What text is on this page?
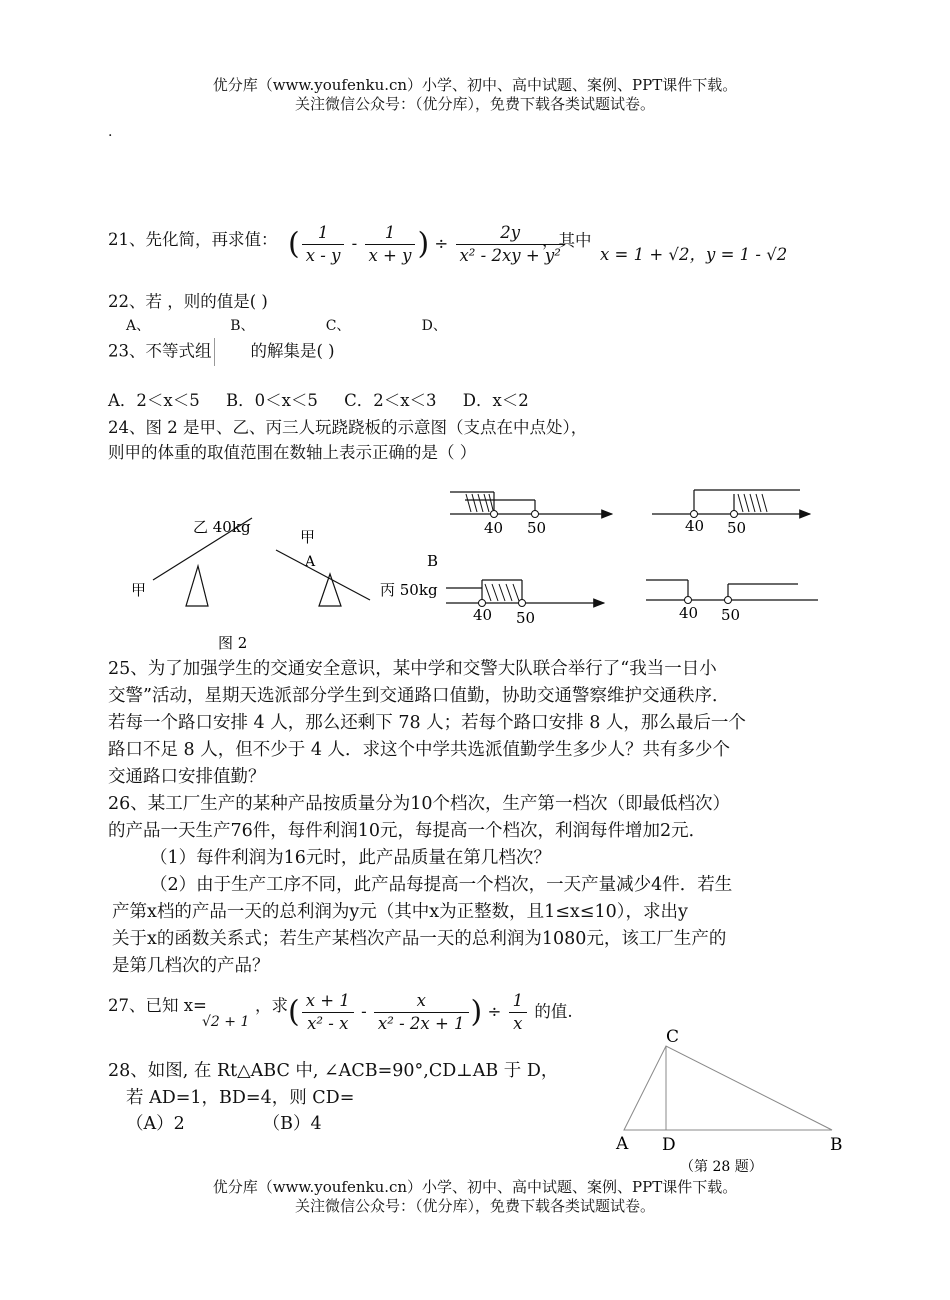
优分库（www.youfenku.cn）小学、初中、高中试题、案例、PPT课件下载。
关注微信公众号：（优分库），免费下载各类试题试卷。
.
21、先化简，再求值： ( $\frac{1}{x - y} - \frac{1}{x + y}$ ) ÷ $\frac{2y}{\text{x² - 2xy + y²}}$
，其中
x = 1 + √2， y = 1 - √2
22、若 ，则的值是( )
A、                  B、                C、                D、
23、不等式组 的解集是( )
A．2＜x＜5     B．0＜x＜5     C．2＜x＜3     D．x＜2
24、图 2 是甲、乙、丙三人玩跷跷板的示意图（支点在中点处），
则甲的体重的取值范围在数轴上表示正确的是（ ）
乙 40kg
甲
甲
A
丙 50kg
B
图 2
40 50	40 50
40 50	40 50
25、为了加强学生的交通安全意识，某中学和交警大队联合举行了“我当一日小
交警”活动，星期天选派部分学生到交通路口值勤，协助交通警察维护交通秩序．
若每一个路口安排 4 人，那么还剩下 78 人；若每个路口安排 8 人，那么最后一个
路口不足 8 人，但不少于 4 人．求这个中学共选派值勤学生多少人？共有多少个
交通路口安排值勤？
26、某工厂生产的某种产品按质量分为10个档次，生产第一档次（即最低档次）
的产品一天生产76件，每件利润10元，每提高一个档次，利润每件增加2元．
（1）每件利润为16元时，此产品质量在第几档次？
（2）由于生产工序不同，此产品每提高一个档次，一天产量减少4件．若生
产第x档的产品一天的总利润为y元（其中x为正整数，且1≤x≤10），求出y
关于x的函数关系式；若生产某档次产品一天的总利润为1080元，该工厂生产的
是第几档次的产品？
27、已知 x=
√2 + 1
，求 ( $\frac{x + 1}{\text{x² - x}} - \frac{x}{\text{x² - 2x + 1}}$ ) ÷ $\frac{1}{x}$ 的值.
28、如图, 在 Rt△ABC 中, ∠ACB=90°,CD⊥AB 于 D，
若 AD=1，BD=4，则 CD=
（A）2              （B）4
C
A D	B
（第 28 题）
优分库（www.youfenku.cn）小学、初中、高中试题、案例、PPT课件下载。
关注微信公众号：（优分库），免费下载各类试题试卷。
